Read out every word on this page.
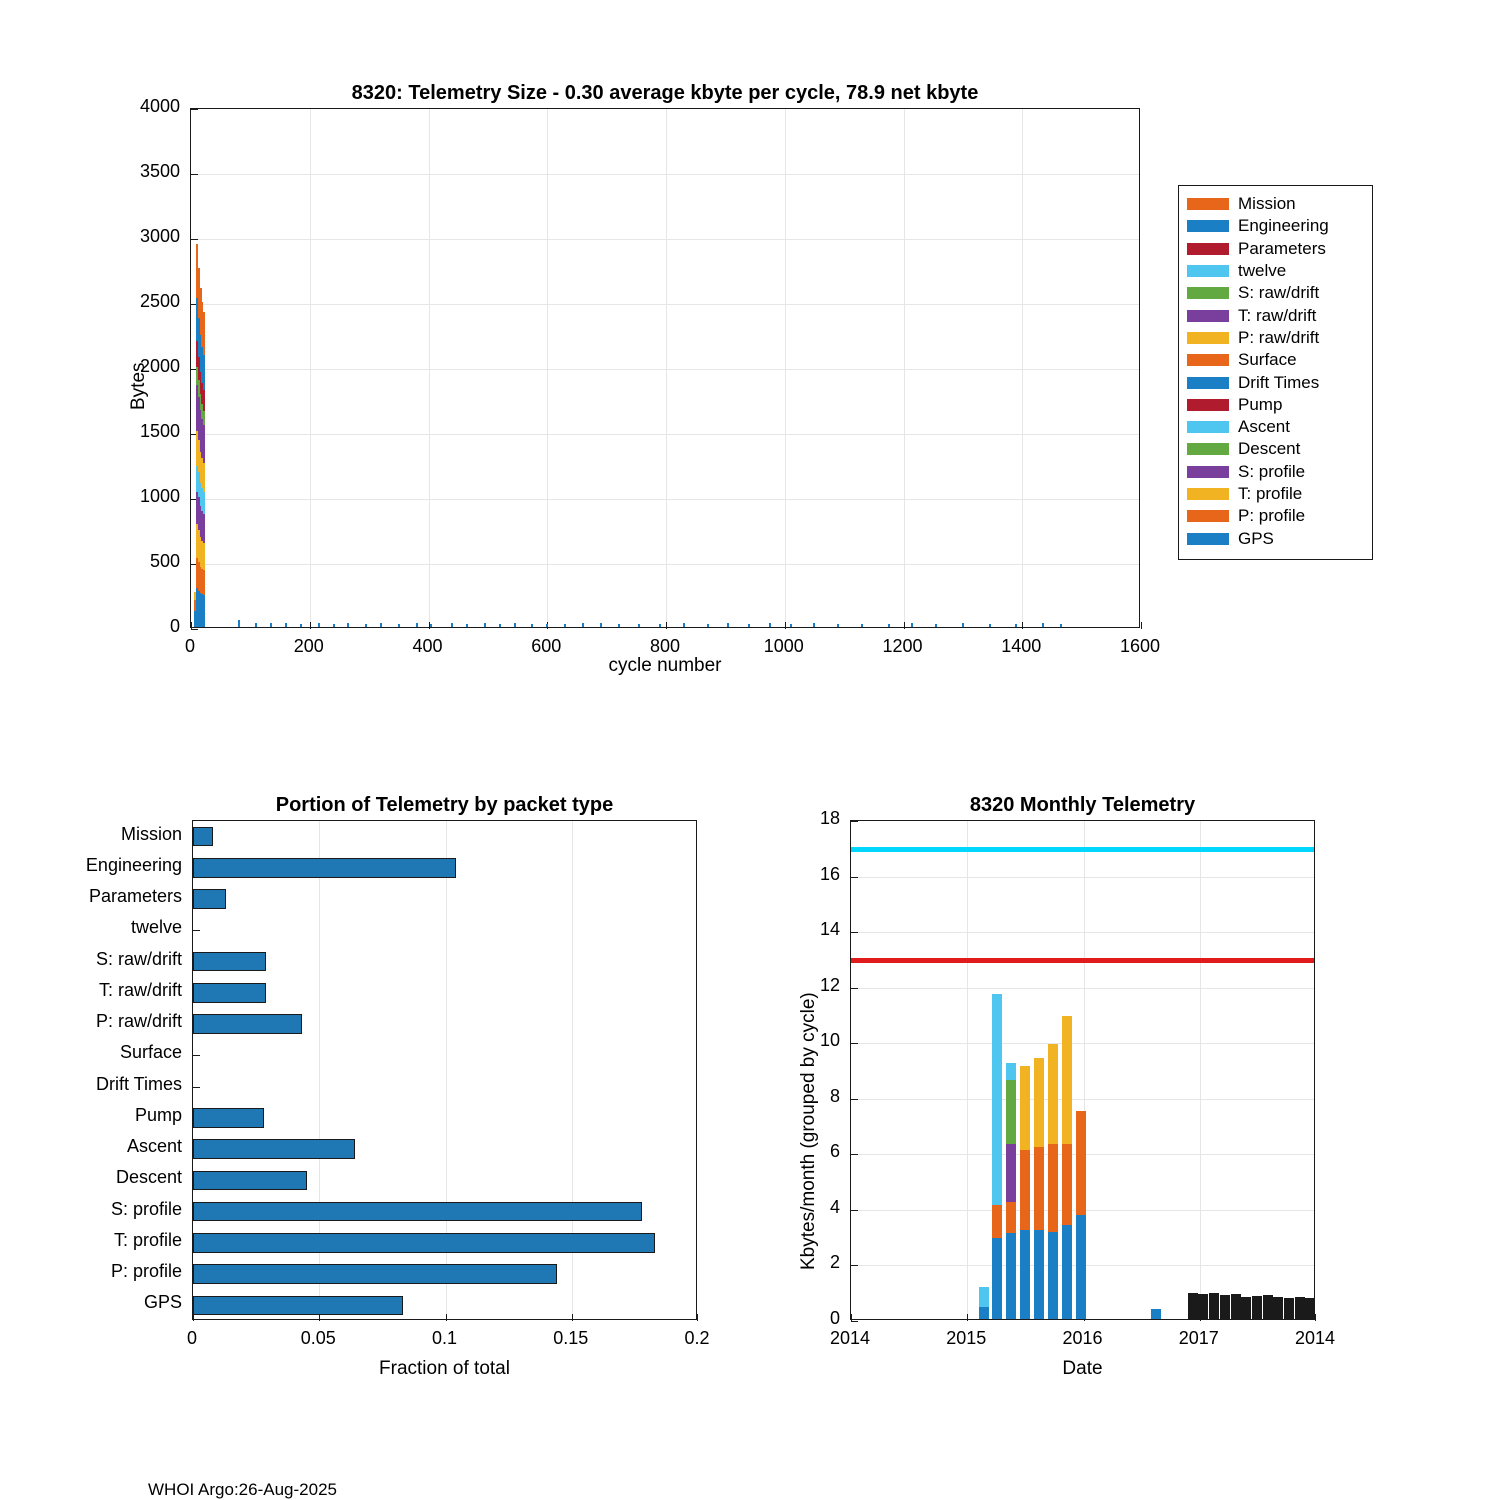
8320: Telemetry Size - 0.30 average kbyte per cycle, 78.9 net kbyte
Bytes
cycle number
0
500
1000
1500
2000
2500
3000
3500
4000
0	200	400	600	800	1000	1200	1400	1600
Mission
Engineering
Parameters
twelve
S: raw/drift
T: raw/drift
P: raw/drift
Surface
Drift Times
Pump
Ascent
Descent
S: profile
T: profile
P: profile
GPS
Portion of Telemetry by packet type
Fraction of total
0	0.05	0.1	0.15	0.2
Mission
Engineering
Parameters
twelve
S: raw/drift
T: raw/drift
P: raw/drift
Surface
Drift Times
Pump
Ascent
Descent
S: profile
T: profile
P: profile
GPS
8320 Monthly Telemetry
Kbytes/month (grouped by cycle)
Date
0
2
4
6
8
10
12
14
16
18
2014	2015	2016	2017	2014
WHOI Argo:26-Aug-2025
